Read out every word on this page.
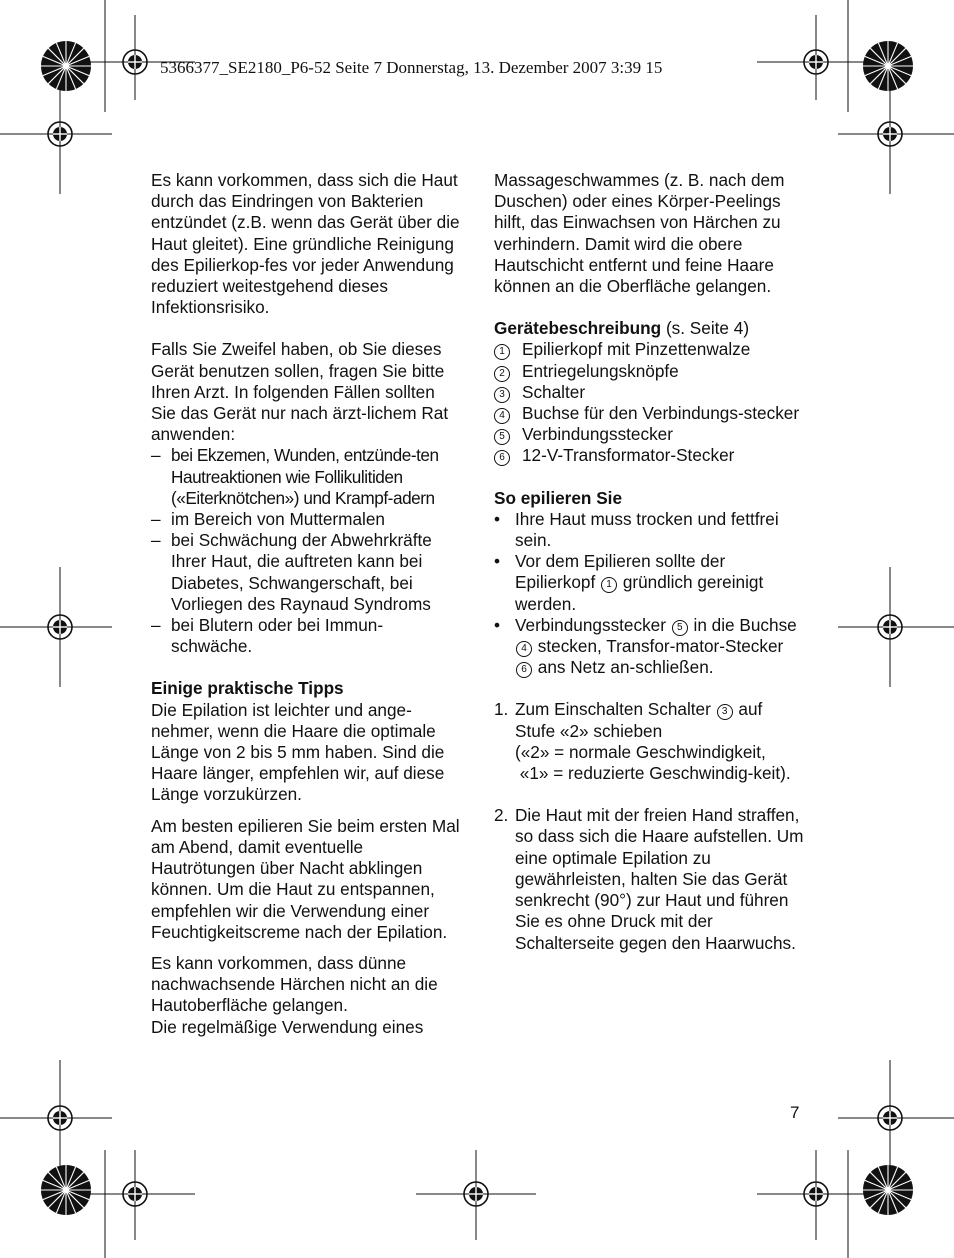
5366377_SE2180_P6-52 Seite 7 Donnerstag, 13. Dezember 2007 3:39 15

Es kann vorkommen, dass sich die Haut durch das Eindringen von Bakterien entzündet (z.B. wenn das Gerät über die Haut gleitet). Eine gründliche Reinigung des Epilierkop-fes vor jeder Anwendung reduziert weitestgehend dieses Infektionsrisiko.

Falls Sie Zweifel haben, ob Sie dieses Gerät benutzen sollen, fragen Sie bitte Ihren Arzt. In folgenden Fällen sollten Sie das Gerät nur nach ärzt-lichem Rat anwenden:

– bei Ekzemen, Wunden, entzünde-ten Hautreaktionen wie Follikulitiden («Eiterknötchen») und Krampf-adern
– im Bereich von Muttermalen
– bei Schwächung der Abwehrkräfte Ihrer Haut, die auftreten kann bei Diabetes, Schwangerschaft, bei Vorliegen des Raynaud Syndroms
– bei Blutern oder bei Immun-schwäche.

Einige praktische Tipps

Die Epilation ist leichter und ange-nehmer, wenn die Haare die optimale Länge von 2 bis 5 mm haben. Sind die Haare länger, empfehlen wir, auf diese Länge vorzukürzen.

Am besten epilieren Sie beim ersten Mal am Abend, damit eventuelle Hautrötungen über Nacht abklingen können. Um die Haut zu entspannen, empfehlen wir die Verwendung einer Feuchtigkeitscreme nach der Epilation.

Es kann vorkommen, dass dünne nachwachsende Härchen nicht an die Hautoberfläche gelangen.

Die regelmäßige Verwendung eines

Massageschwammes (z. B. nach dem Duschen) oder eines Körper-Peelings hilft, das Einwachsen von Härchen zu verhindern. Damit wird die obere Hautschicht entfernt und feine Haare können an die Oberfläche gelangen.

Gerätebeschreibung (s. Seite 4)

1	Epilierkopf mit Pinzettenwalze
2	Entriegelungsknöpfe
3	Schalter
4	Buchse für den Verbindungs-stecker
5	Verbindungsstecker
6	12-V-Transformator-Stecker

So epilieren Sie

• Ihre Haut muss trocken und fettfrei sein.
• Vor dem Epilieren sollte der Epilierkopf 1 gründlich gereinigt werden.
• Verbindungsstecker 5 in die Buchse 4 stecken, Transfor-mator-Stecker 6 ans Netz an-schließen.
1. Zum Einschalten Schalter 3 auf Stufe «2» schieben
(«2» = normale Geschwindigkeit,
«1» = reduzierte Geschwindig-keit).
2. Die Haut mit der freien Hand straffen, so dass sich die Haare aufstellen. Um eine optimale Epilation zu gewährleisten, halten Sie das Gerät senkrecht (90°) zur Haut und führen Sie es ohne Druck mit der Schalterseite gegen den Haarwuchs.
7
